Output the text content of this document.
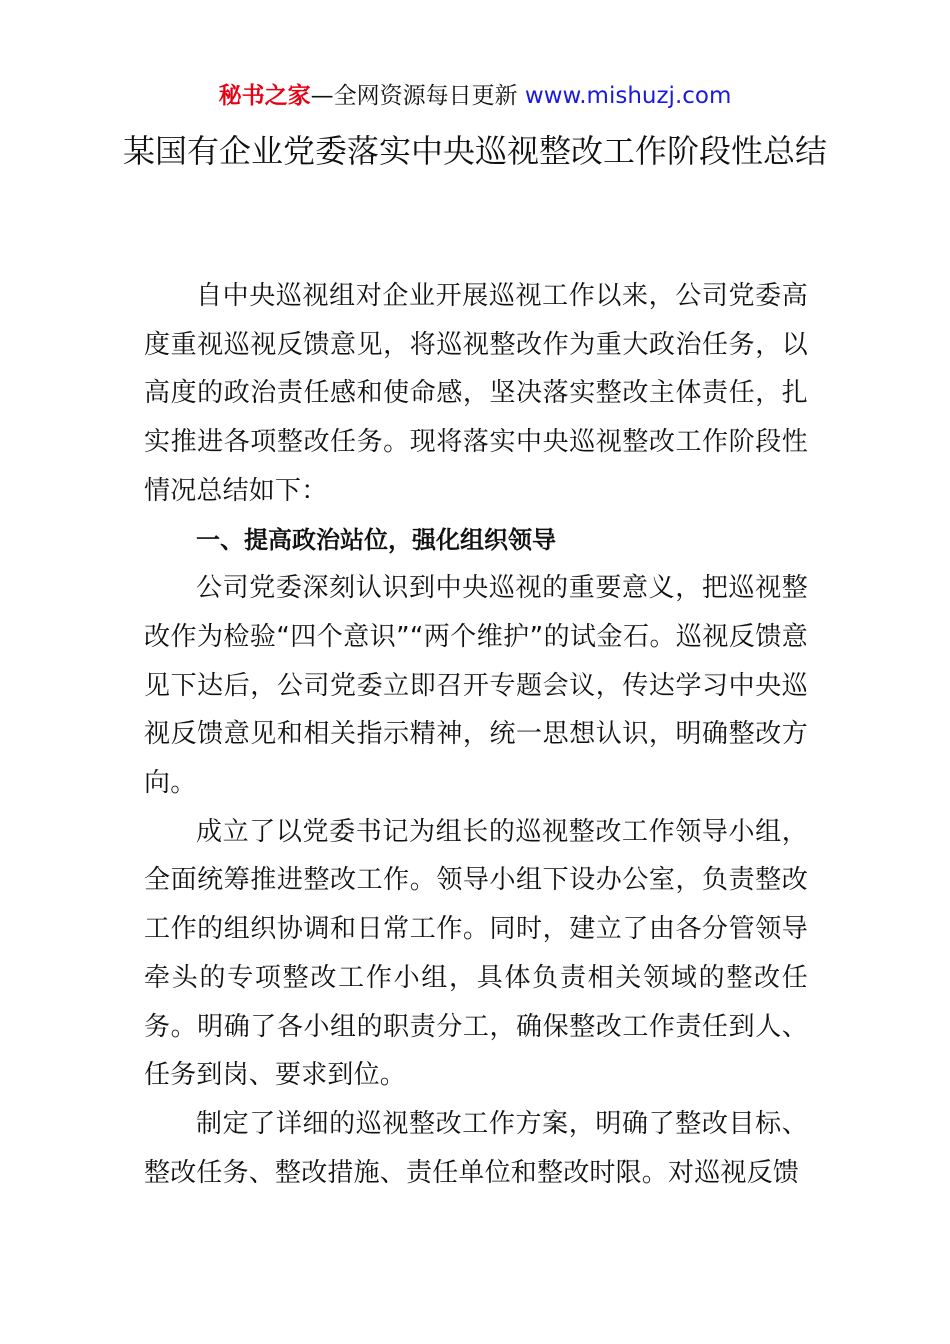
秘书之家—全网资源每日更新 www.mishuzj.com
某国有企业党委落实中央巡视整改工作阶段性总结

自中央巡视组对企业开展巡视工作以来，公司党委高度重视巡视反馈意见，将巡视整改作为重大政治任务，以高度的政治责任感和使命感，坚决落实整改主体责任，扎实推进各项整改任务。现将落实中央巡视整改工作阶段性情况总结如下：

一、提高政治站位，强化组织领导

公司党委深刻认识到中央巡视的重要意义，把巡视整改作为检验“四个意识”“两个维护”的试金石。巡视反馈意见下达后，公司党委立即召开专题会议，传达学习中央巡视反馈意见和相关指示精神，统一思想认识，明确整改方向。

成立了以党委书记为组长的巡视整改工作领导小组，全面统筹推进整改工作。领导小组下设办公室，负责整改工作的组织协调和日常工作。同时，建立了由各分管领导牵头的专项整改工作小组，具体负责相关领域的整改任务。明确了各小组的职责分工，确保整改工作责任到人、任务到岗、要求到位。

制定了详细的巡视整改工作方案，明确了整改目标、整改任务、整改措施、责任单位和整改时限。对巡视反馈
